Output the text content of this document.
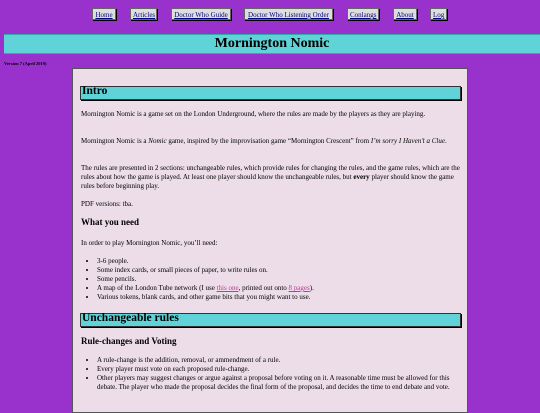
Home	Articles	Doctor Who Guide	Doctor Who Listening Order	Conlangs	About	Log
Mornington Nomic
Version 7 (April 2019)
Intro
Mornington Nomic is a game set on the London Underground, where the rules are made by the players as they are playing.
Mornington Nomic is a Nomic game, inspired by the improvisation game “Mornington Crescent” from I’m sorry I Haven’t a Clue.
The rules are presented in 2 sections: unchangeable rules, which provide rules for changing the rules, and the game rules, which are the rules about how the game is played. At least one player should know the unchangeable rules, but every player should know the game rules before beginning play.
PDF versions: tba.
What you need
In order to play Mornington Nomic, you’ll need:
• 3-6 people.
• Some index cards, or small pieces of paper, to write rules on.
• Some pencils.
• A map of the London Tube network (I use this one, printed out onto 8 pages).
• Various tokens, blank cards, and other game bits that you might want to use.
Unchangeable rules
Rule-changes and Voting
• A rule-change is the addition, removal, or ammendment of a rule.
• Every player must vote on each proposed rule-change.
• Other players may suggest changes or argue against a proposal before voting on it. A reasonable time must be allowed for this debate. The player who made the proposal decides the final form of the proposal, and decides the time to end debate and vote.
